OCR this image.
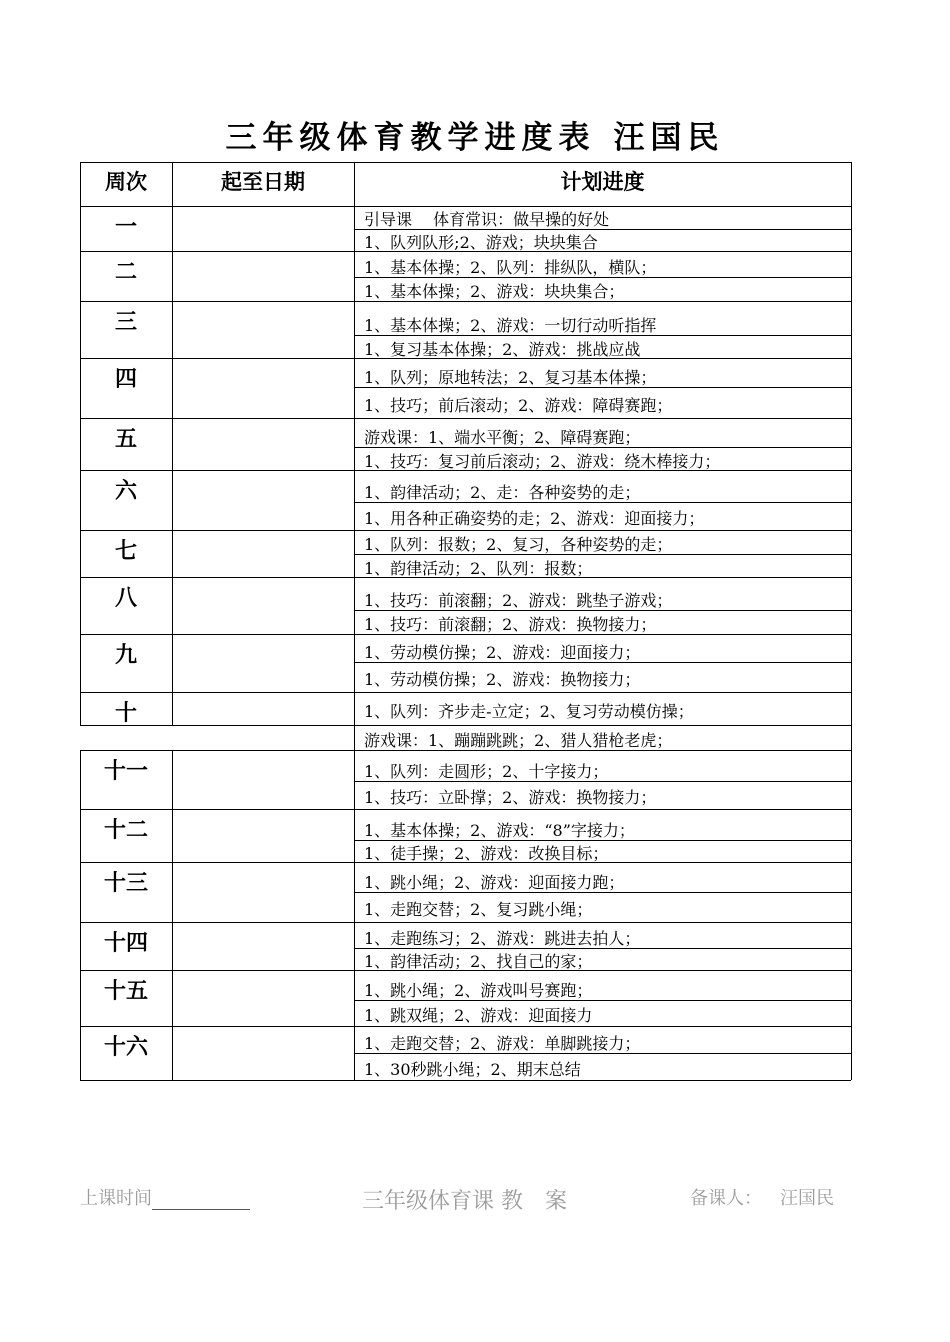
三年级体育教学进度表 汪国民
周次	起至日期	计划进度
一	引导课　 体育常识：做早操的好处
1、队列队形;2、游戏；块块集合
二	1、基本体操；2、队列：排纵队，横队；
1、基本体操；2、游戏：块块集合；
三	1、基本体操；2、游戏：一切行动听指挥
1、复习基本体操；2、游戏：挑战应战
四	1、队列；原地转法；2、复习基本体操；
1、技巧；前后滚动；2、游戏：障碍赛跑；
五	游戏课：1、端水平衡；2、障碍赛跑；
1、技巧：复习前后滚动；2、游戏：绕木棒接力；
六	1、韵律活动；2、走：各种姿势的走；
1、用各种正确姿势的走；2、游戏：迎面接力；
七	1、队列：报数；2、复习，各种姿势的走；
1、韵律活动；2、队列：报数；
八	1、技巧：前滚翻；2、游戏：跳垫子游戏；
1、技巧：前滚翻；2、游戏：换物接力；
九	1、劳动模仿操；2、游戏：迎面接力；
1、劳动模仿操；2、游戏：换物接力；
十	1、队列：齐步走-立定；2、复习劳动模仿操；
游戏课：1、蹦蹦跳跳；2、猎人猎枪老虎；
十一	1、队列：走圆形；2、十字接力；
1、技巧：立卧撑；2、游戏：换物接力；
十二	1、基本体操；2、游戏：“8”字接力；
1、徒手操；2、游戏：改换目标；
十三	1、跳小绳；2、游戏：迎面接力跑；
1、走跑交替；2、复习跳小绳；
十四	1、走跑练习；2、游戏：跳进去拍人；
1、韵律活动；2、找自己的家；
十五	1、跳小绳；2、游戏叫号赛跑；
1、跳双绳；2、游戏：迎面接力
十六	1、走跑交替；2、游戏：单脚跳接力；
1、30秒跳小绳；2、期末总结
上课时间	三年级体育课 教　案	备课人： 汪国民
